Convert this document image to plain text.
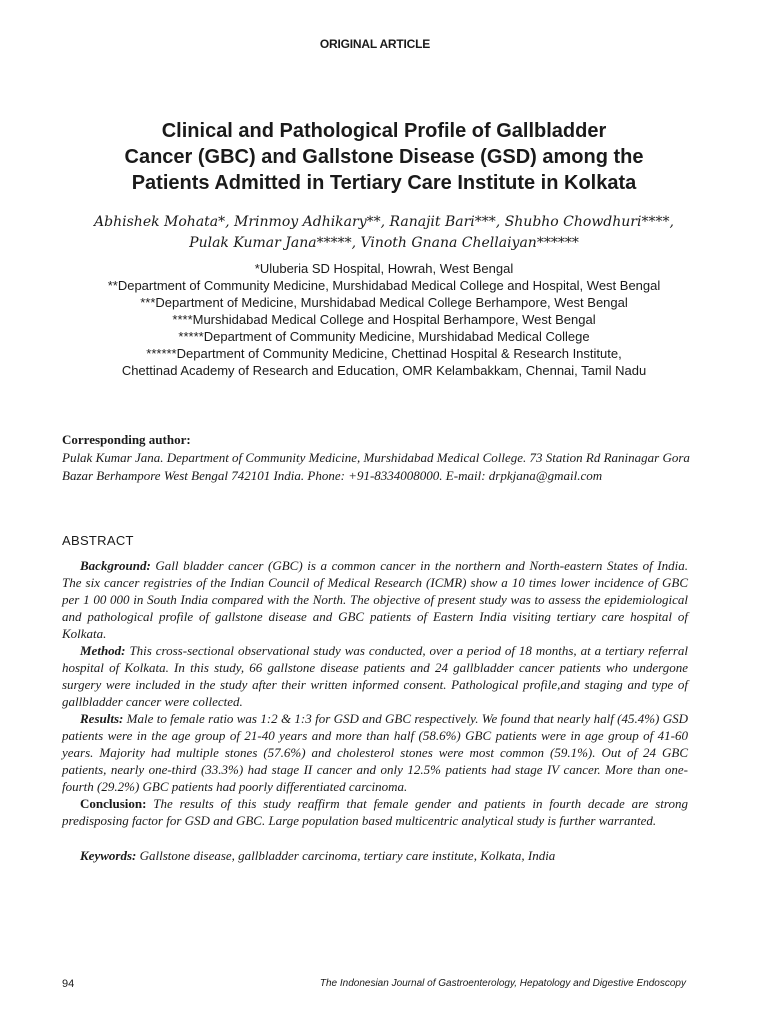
ORIGINAL ARTICLE
Clinical and Pathological Profile of Gallbladder
Cancer (GBC) and Gallstone Disease (GSD) among the
Patients Admitted in Tertiary Care Institute in Kolkata
Abhishek Mohata*, Mrinmoy Adhikary**, Ranajit Bari***, Shubho Chowdhuri****,
Pulak Kumar Jana*****, Vinoth Gnana Chellaiyan******
*Uluberia SD Hospital, Howrah, West Bengal
**Department of Community Medicine, Murshidabad Medical College and Hospital, West Bengal
***Department of Medicine, Murshidabad Medical College Berhampore, West Bengal
****Murshidabad Medical College and Hospital Berhampore, West Bengal
*****Department of Community Medicine, Murshidabad Medical College
******Department of Community Medicine, Chettinad Hospital & Research Institute,
Chettinad Academy of Research and Education, OMR Kelambakkam, Chennai, Tamil Nadu
Corresponding author:
Pulak Kumar Jana. Department of Community Medicine, Murshidabad Medical College. 73 Station Rd Raninagar Gora Bazar Berhampore West Bengal 742101 India. Phone: +91-8334008000. E-mail: drpkjana@gmail.com
ABSTRACT

Background: Gall bladder cancer (GBC) is a common cancer in the northern and North-eastern States of India. The six cancer registries of the Indian Council of Medical Research (ICMR) show a 10 times lower incidence of GBC per 1 00 000 in South India compared with the North. The objective of present study was to assess the epidemiological and pathological profile of gallstone disease and GBC patients of Eastern India visiting tertiary care hospital of Kolkata.

Method: This cross-sectional observational study was conducted, over a period of 18 months, at a tertiary referral hospital of Kolkata. In this study, 66 gallstone disease patients and 24 gallbladder cancer patients who undergone surgery were included in the study after their written informed consent. Pathological profile,and staging and type of gallbladder cancer were collected.

Results: Male to female ratio was 1:2 & 1:3 for GSD and GBC respectively. We found that nearly half (45.4%) GSD patients were in the age group of 21-40 years and more than half (58.6%) GBC patients were in age group of 41-60 years. Majority had multiple stones (57.6%) and cholesterol stones were most common (59.1%). Out of 24 GBC patients, nearly one-third (33.3%) had stage II cancer and only 12.5% patients had stage IV cancer. More than one-fourth (29.2%) GBC patients had poorly differentiated carcinoma.

Conclusion: The results of this study reaffirm that female gender and patients in fourth decade are strong predisposing factor for GSD and GBC. Large population based multicentric analytical study is further warranted.

Keywords: Gallstone disease, gallbladder carcinoma, tertiary care institute, Kolkata, India
94	The Indonesian Journal of Gastroenterology, Hepatology and Digestive Endoscopy
